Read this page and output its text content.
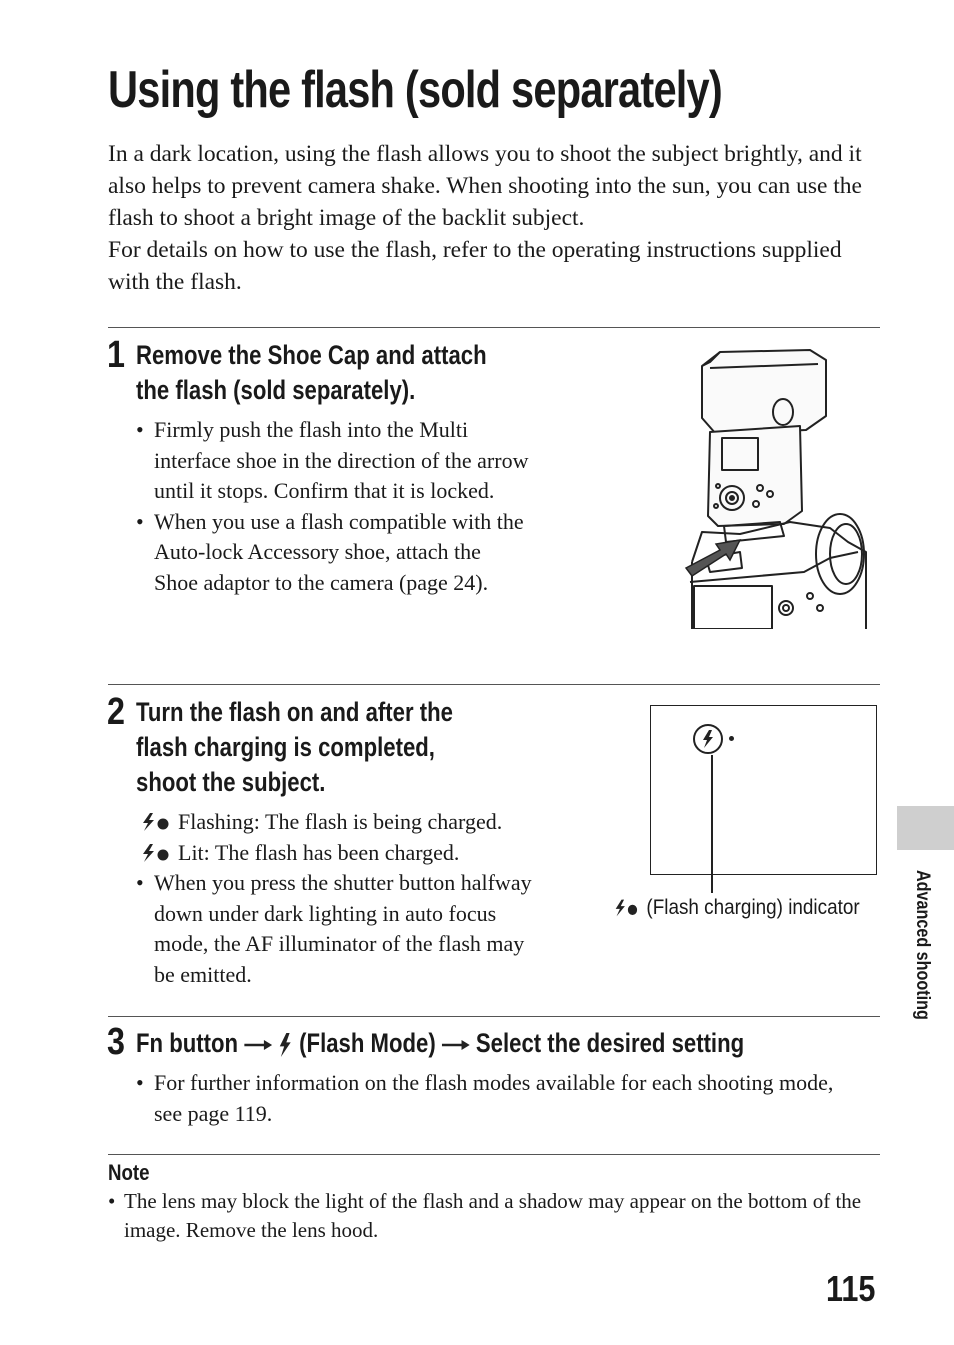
Using the flash (sold separately)

In a dark location, using the flash allows you to shoot the subject brightly, and it also helps to prevent camera shake. When shooting into the sun, you can use the flash to shoot a bright image of the backlit subject.

For details on how to use the flash, refer to the operating instructions supplied with the flash.

1 Remove the Shoe Cap and attach
the flash (sold separately).
• Firmly push the flash into the Multi interface shoe in the direction of the arrow until it stops. Confirm that it is locked.
• When you use a flash compatible with the Auto-lock Accessory shoe, attach the Shoe adaptor to the camera (page 24).
2 Turn the flash on and after the
flash charging is completed,
shoot the subject.
Flashing: The flash is being charged.
Lit: The flash has been charged.
• When you press the shutter button halfway down under dark lighting in auto focus mode, the AF illuminator of the flash may be emitted.
(Flash charging) indicator
3 Fn button (Flash Mode) Select the desired setting
• For further information on the flash modes available for each shooting mode, see page 119.
Note
• The lens may block the light of the flash and a shadow may appear on the bottom of the image. Remove the lens hood.
Advanced shooting
115
